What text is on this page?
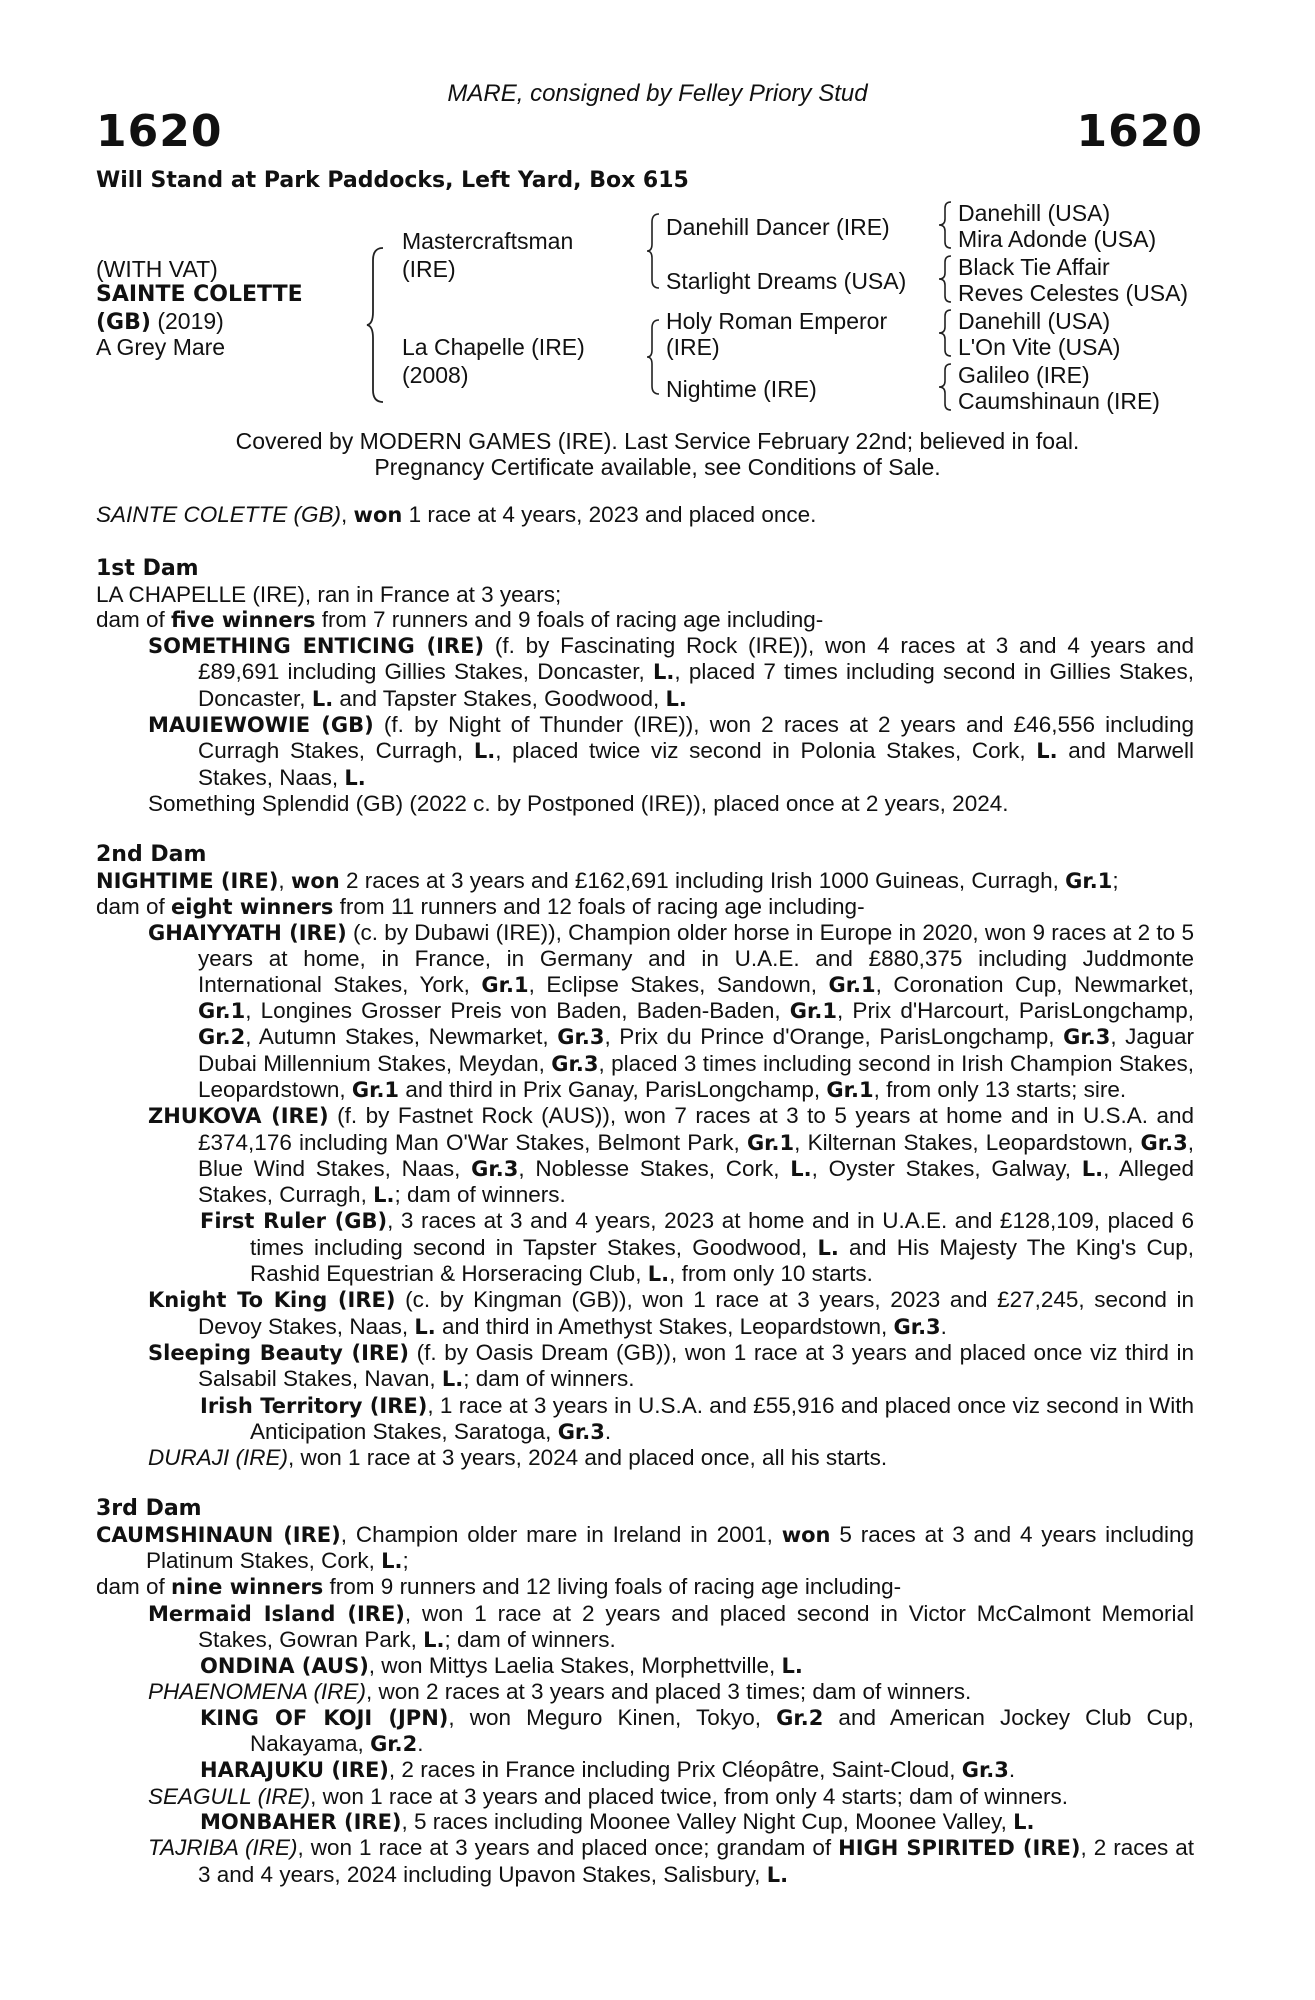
MARE, consigned by Felley Priory Stud
1620	1620
Will Stand at Park Paddocks, Left Yard, Box 615
(WITH VAT)
SAINTE COLETTE
(GB) (2019)
A Grey Mare
Mastercraftsman
(IRE)
La Chapelle (IRE)
(2008)
Danehill Dancer (IRE)
Starlight Dreams (USA)
Holy Roman Emperor
(IRE)
Nightime (IRE)
Danehill (USA)
Mira Adonde (USA)
Black Tie Affair
Reves Celestes (USA)
Danehill (USA)
L'On Vite (USA)
Galileo (IRE)
Caumshinaun (IRE)
Covered by MODERN GAMES (IRE). Last Service February 22nd; believed in foal.
Pregnancy Certificate available, see Conditions of Sale.

SAINTE COLETTE (GB), won 1 race at 4 years, 2023 and placed once.

1st Dam

LA CHAPELLE (IRE), ran in France at 3 years;

dam of five winners from 7 runners and 9 foals of racing age including-

SOMETHING ENTICING (IRE) (f. by Fascinating Rock (IRE)), won 4 races at 3 and 4 years and £89,691 including Gillies Stakes, Doncaster, L., placed 7 times including second in Gillies Stakes, Doncaster, L. and Tapster Stakes, Goodwood, L.

MAUIEWOWIE (GB) (f. by Night of Thunder (IRE)), won 2 races at 2 years and £46,556 including Curragh Stakes, Curragh, L., placed twice viz second in Polonia Stakes, Cork, L. and Marwell Stakes, Naas, L.

Something Splendid (GB) (2022 c. by Postponed (IRE)), placed once at 2 years, 2024.

2nd Dam

NIGHTIME (IRE), won 2 races at 3 years and £162,691 including Irish 1000 Guineas, Curragh, Gr.1;

dam of eight winners from 11 runners and 12 foals of racing age including-

GHAIYYATH (IRE) (c. by Dubawi (IRE)), Champion older horse in Europe in 2020, won 9 races at 2 to 5 years at home, in France, in Germany and in U.A.E. and £880,375 including Juddmonte International Stakes, York, Gr.1, Eclipse Stakes, Sandown, Gr.1, Coronation Cup, Newmarket, Gr.1, Longines Grosser Preis von Baden, Baden-Baden, Gr.1, Prix d'Harcourt, ParisLongchamp, Gr.2, Autumn Stakes, Newmarket, Gr.3, Prix du Prince d'Orange, ParisLongchamp, Gr.3, Jaguar Dubai Millennium Stakes, Meydan, Gr.3, placed 3 times including second in Irish Champion Stakes, Leopardstown, Gr.1 and third in Prix Ganay, ParisLongchamp, Gr.1, from only 13 starts; sire.

ZHUKOVA (IRE) (f. by Fastnet Rock (AUS)), won 7 races at 3 to 5 years at home and in U.S.A. and £374,176 including Man O'War Stakes, Belmont Park, Gr.1, Kilternan Stakes, Leopardstown, Gr.3, Blue Wind Stakes, Naas, Gr.3, Noblesse Stakes, Cork, L., Oyster Stakes, Galway, L., Alleged Stakes, Curragh, L.; dam of winners.

First Ruler (GB), 3 races at 3 and 4 years, 2023 at home and in U.A.E. and £128,109, placed 6 times including second in Tapster Stakes, Goodwood, L. and His Majesty The King's Cup, Rashid Equestrian & Horseracing Club, L., from only 10 starts.

Knight To King (IRE) (c. by Kingman (GB)), won 1 race at 3 years, 2023 and £27,245, second in Devoy Stakes, Naas, L. and third in Amethyst Stakes, Leopardstown, Gr.3.

Sleeping Beauty (IRE) (f. by Oasis Dream (GB)), won 1 race at 3 years and placed once viz third in Salsabil Stakes, Navan, L.; dam of winners.

Irish Territory (IRE), 1 race at 3 years in U.S.A. and £55,916 and placed once viz second in With Anticipation Stakes, Saratoga, Gr.3.

DURAJI (IRE), won 1 race at 3 years, 2024 and placed once, all his starts.

3rd Dam

CAUMSHINAUN (IRE), Champion older mare in Ireland in 2001, won 5 races at 3 and 4 years including Platinum Stakes, Cork, L.;

dam of nine winners from 9 runners and 12 living foals of racing age including-

Mermaid Island (IRE), won 1 race at 2 years and placed second in Victor McCalmont Memorial Stakes, Gowran Park, L.; dam of winners.

ONDINA (AUS), won Mittys Laelia Stakes, Morphettville, L.

PHAENOMENA (IRE), won 2 races at 3 years and placed 3 times; dam of winners.

KING OF KOJI (JPN), won Meguro Kinen, Tokyo, Gr.2 and American Jockey Club Cup, Nakayama, Gr.2.

HARAJUKU (IRE), 2 races in France including Prix Cléopâtre, Saint-Cloud, Gr.3.

SEAGULL (IRE), won 1 race at 3 years and placed twice, from only 4 starts; dam of winners.

MONBAHER (IRE), 5 races including Moonee Valley Night Cup, Moonee Valley, L.

TAJRIBA (IRE), won 1 race at 3 years and placed once; grandam of HIGH SPIRITED (IRE), 2 races at 3 and 4 years, 2024 including Upavon Stakes, Salisbury, L.
